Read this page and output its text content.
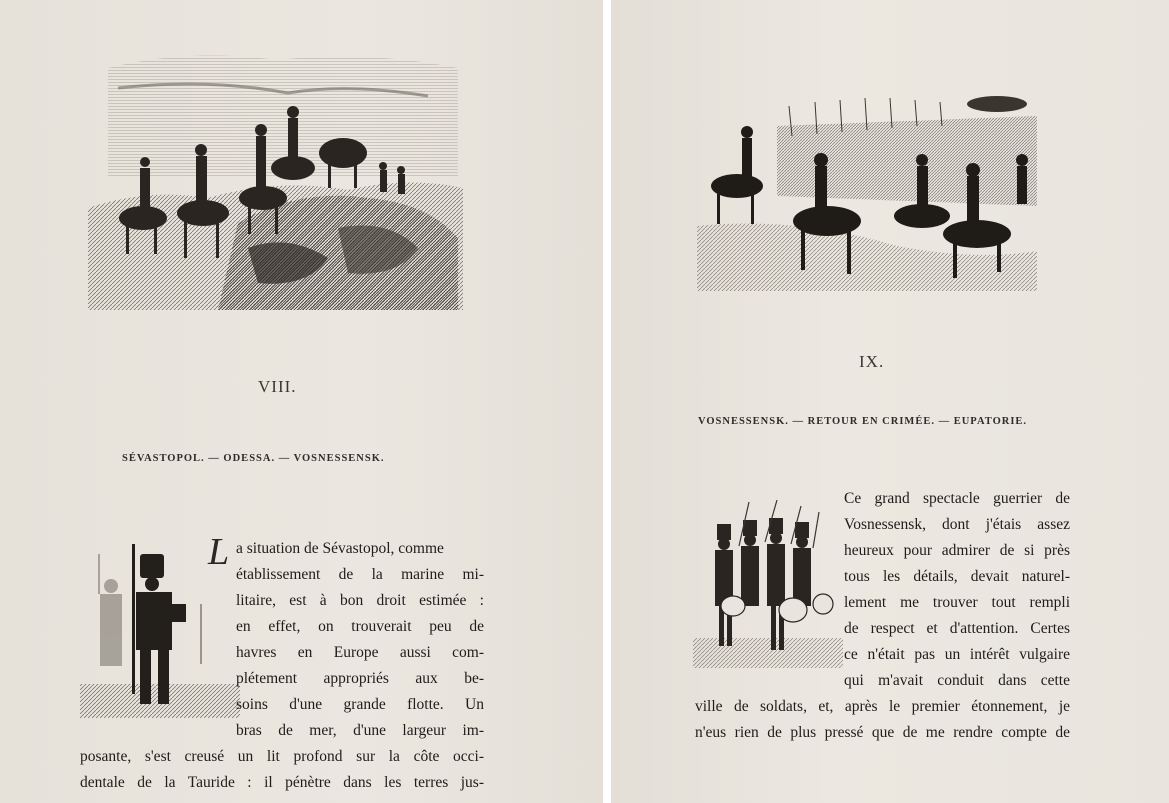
VIII.
SÉVASTOPOL. — ODESSA. — VOSNESSENSK.
L a situation de Sévastopol, comme
établissement de la marine mi-
litaire, est à bon droit estimée :
en effet, on trouverait peu de
havres en Europe aussi com-
plétement appropriés aux be-
soins d'une grande flotte. Un
bras de mer, d'une largeur im-
posante, s'est creusé un lit profond sur la côte occi-
dentale de la Tauride : il pénètre dans les terres jus-
IX.
VOSNESSENSK. — RETOUR EN CRIMÉE. — EUPATORIE.
Ce grand spectacle guerrier de
Vosnessensk, dont j'étais assez
heureux pour admirer de si près
tous les détails, devait naturel-
lement me trouver tout rempli
de respect et d'attention. Certes
ce n'était pas un intérêt vulgaire
qui m'avait conduit dans cette
ville de soldats, et, après le premier étonnement, je
n'eus rien de plus pressé que de me rendre compte de
